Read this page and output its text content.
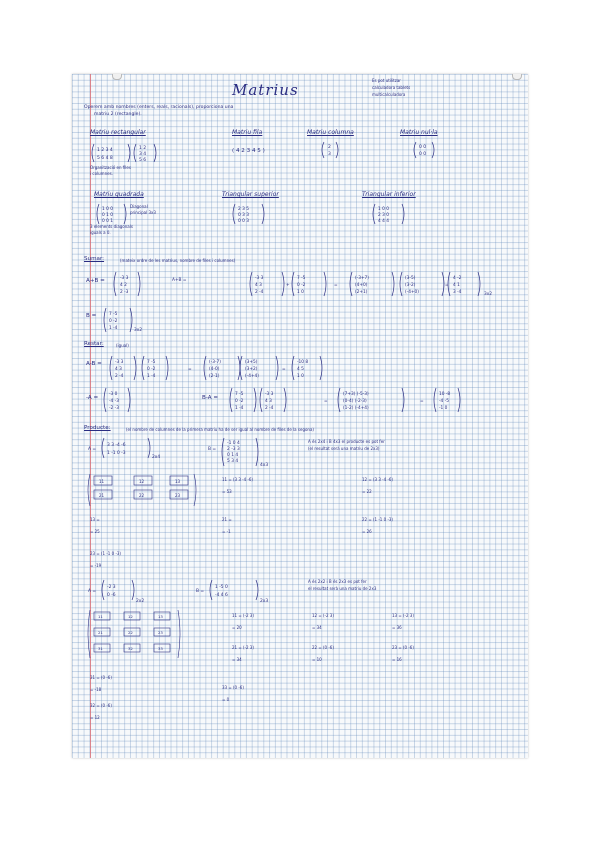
Matrius
Es pot utilitzar
calculadora tablets
multicalculadora
Operem amb nombres (enters, reals, racionals), proporciona una
matriu 2 (rectangle).
Matriu rectangular	Matriu fila	Matriu columna	Matriu nul·la
1 2 3 4
5 6 4 8
1 2
3 4
5 6
Organització en files
i columnes.
( 4 2 3 4 5 )
2
3
0 0
0 0
Matriu quadrada	Triangular superior	Triangular inferior
1 0 0
0 1 0
0 0 1
Diagonal
principal 3x3
3 elements diagonals
iguals a 0.
2 3 5
0 3 3
0 0 3
1 0 0
2 3 0
4 4 4
Sumar:	(mateix ordre de les matrius, nombre de files i columnes)
A+B =	-3 3
4 2
2 -3
A+B =	-3 3
4 3
2 -4
+
7 -5
0 -2
1 0
=
(-3+7)
(4+0)
(2+1)
(3-5)
(3-2)
(-4+0)
=
4 -2
4 1
3 -4	3x2
B =	7 -5
0 -2
1 -4	3x2
Restar:	(igual)
A-B =	-3 3
4 3
2 -4
7 -5
0 -2
1 -4
=
(-3-7)
(4-0)
(2-1)
(3+5)
(3+2)
(-4+4)
=
-10 8
4 5
1 0
-A =	B-A =
-3 0
-4 -3
-2 -3
7 -5
0 -2
1 -4
-3 3
4 3
2 -4
=
(7+3) (-5-3)
(0-4) (-2-3)
(1-2) (-4+4)
=
10 -8
-4 -5
-1 0
Producte:	(el nombre de columnes de la primera matriu ha de ser igual al nombre de files de la segona)
A =
3 3 -4 -6
1 -1 0 -3
2x4
B =
-1 0 4
2 -3 3
0 1 4
5 3 4
4x3
A és 2x4 i B 4x3 el producte es pot fer
(el resultat serà una matriu de 2x3)
11	12	13
21	22	23
11 = (3 3 -4 -6)
= 53
12 = (3 3 -4 -6)
= 22
13 =
= 25
21 =
= -1
22 = (1 -1 0 -3)
= 26
23 = (1 -1 0 -3)
= -19
A =
-2 3
0 -6
2x2
B =
1 -5 0
-4 4 6
2x3
A és 2x2 i B és 2x3 es pot fer
el resultat serà una matriu de 2x3
11	12	13
21	22	23
31	32	33
11 = (-2 3)
= 20
12 = (-2 3)
= 34
13 = (-2 3)
= 36
21 = (-2 3)
= 34
22 = (0 -6)
= 10
23 = (0 -6)
= 16
31 = (0 -6)
= -18
32 = (0 -6)
= 12
33 = (0 -6)
= 0
